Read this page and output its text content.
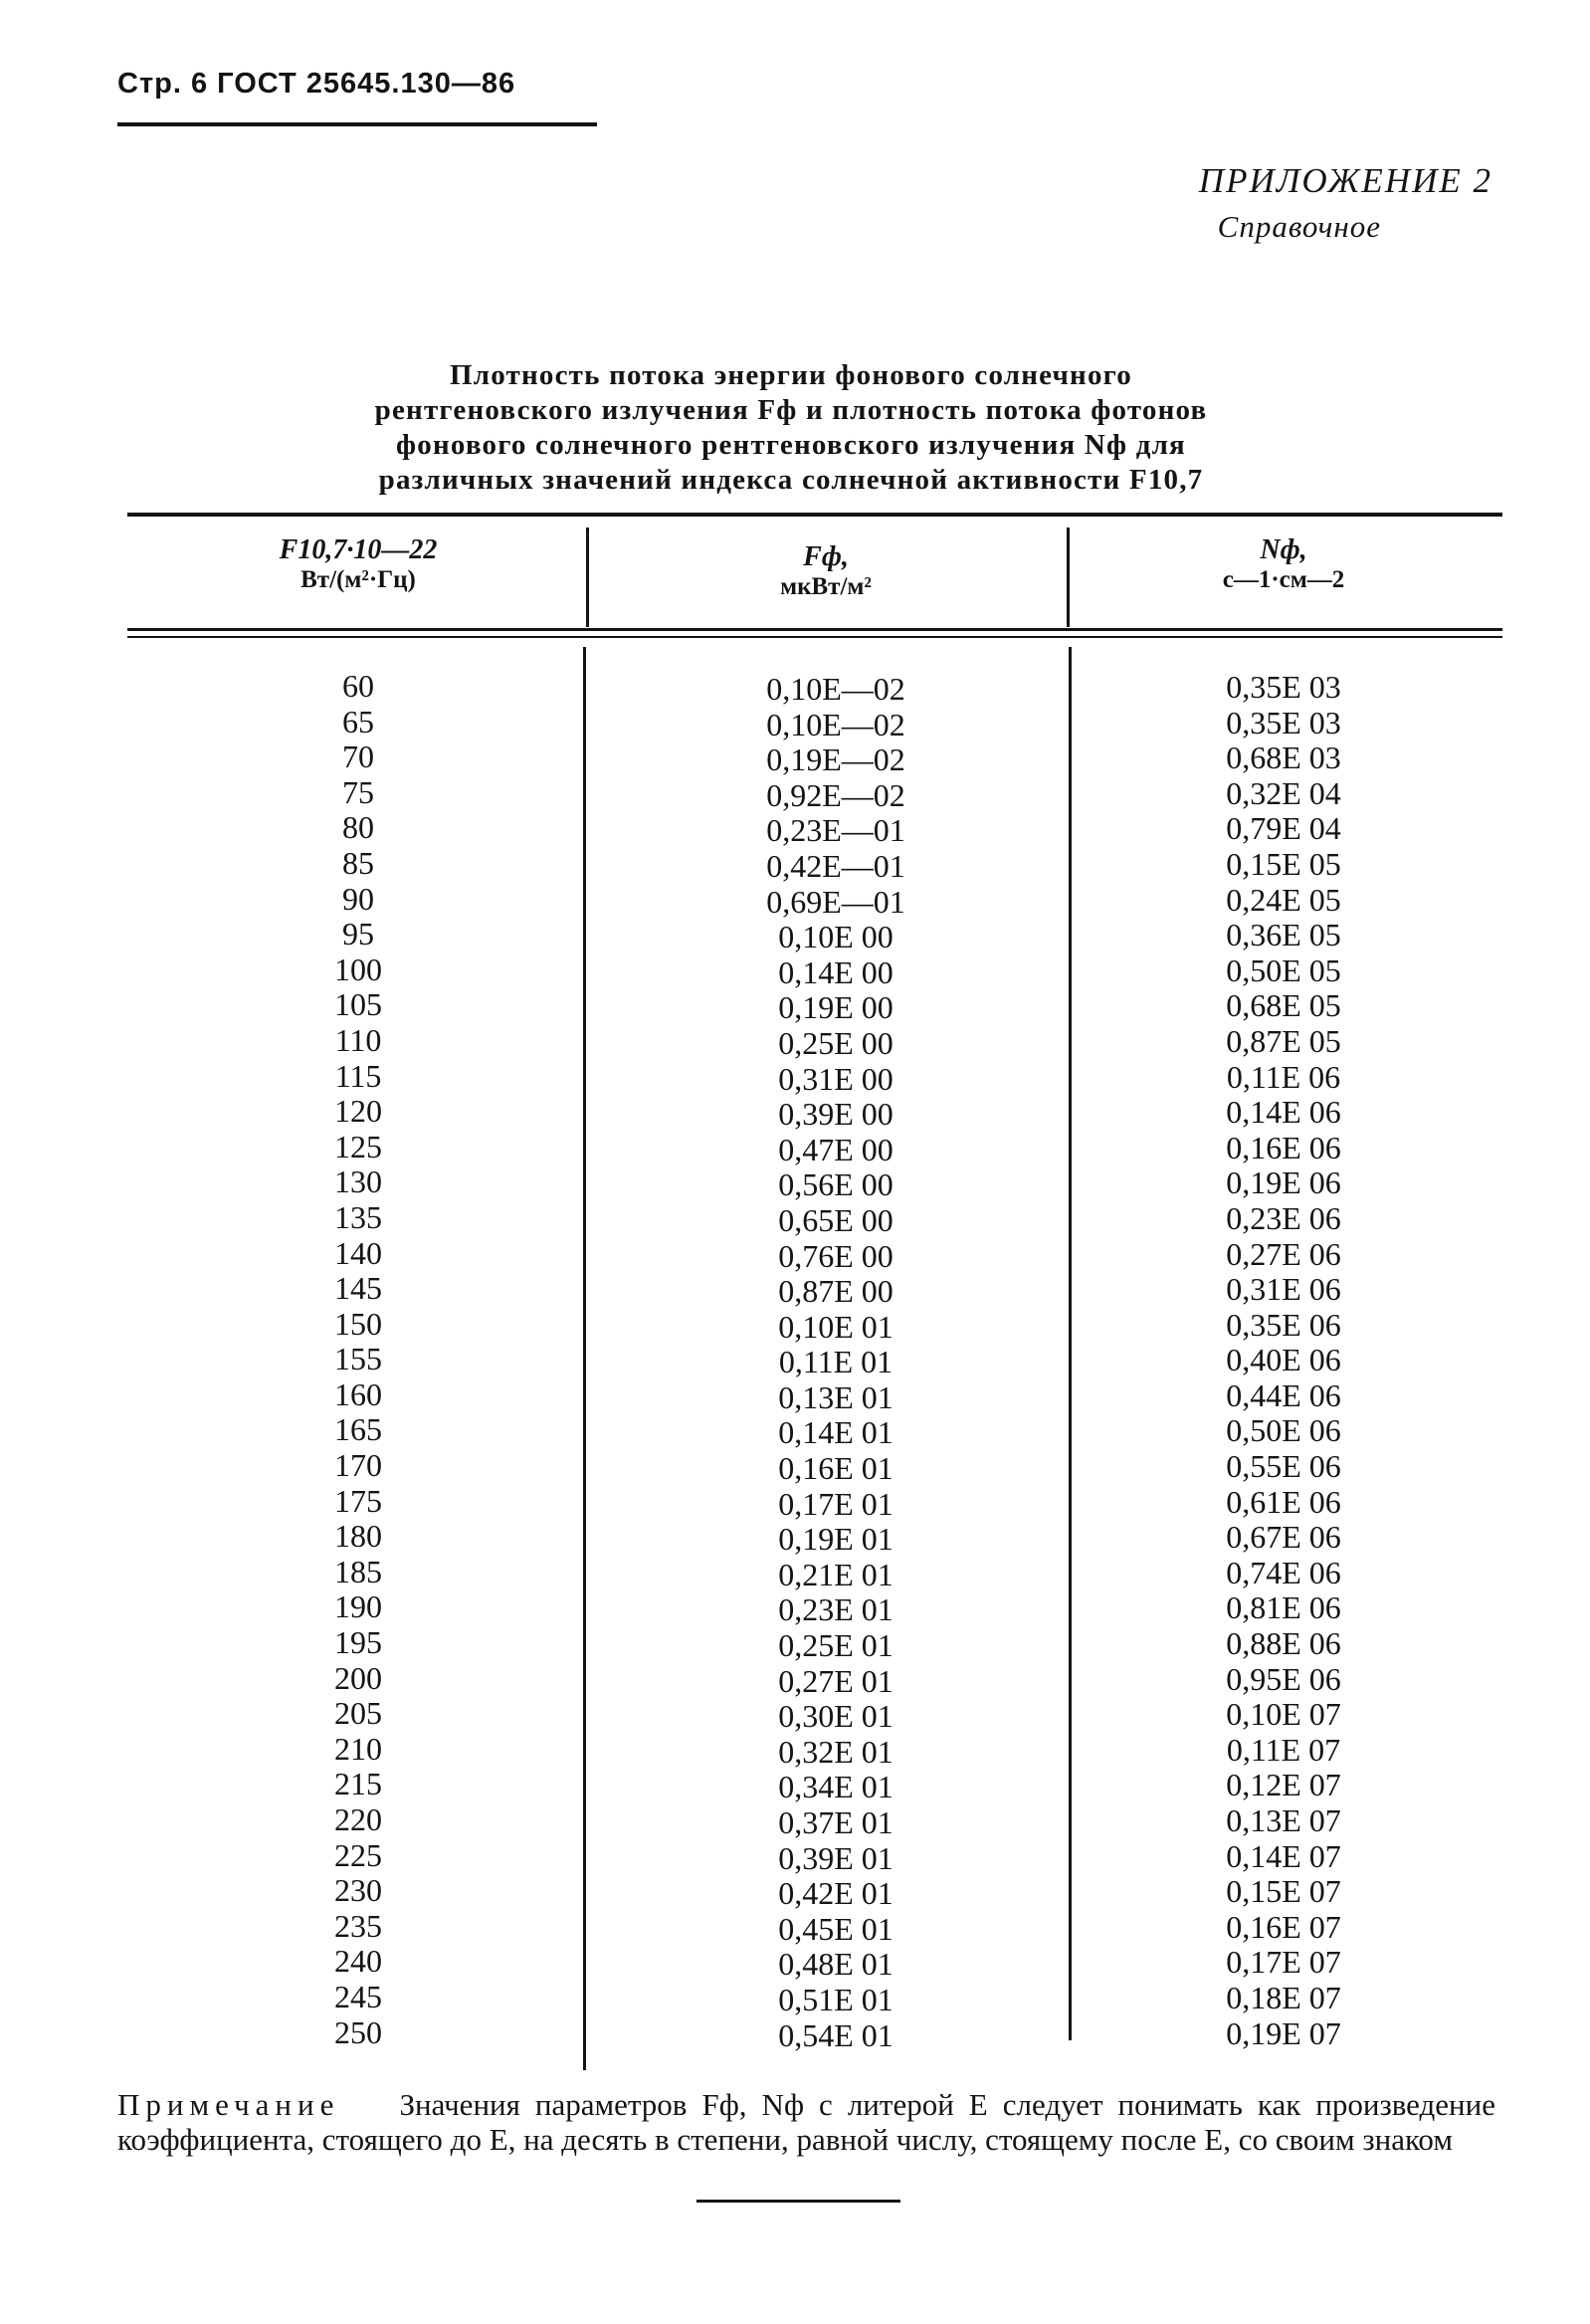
Стр. 6 ГОСТ 25645.130—86
ПРИЛОЖЕНИЕ 2
Справочное
Плотность потока энергии фонового солнечного
рентгеновского излучения Fф и плотность потока фотонов
фонового солнечного рентгеновского излучения Nф для
различных значений индекса солнечной активности F10,7
F10,7·10—22
Вт/(м²·Гц)
Fф,
мкВт/м²
Nф,
с—1·см—2
60
65
70
75
80
85
90
95
100
105
110
115
120
125
130
135
140
145
150
155
160
165
170
175
180
185
190
195
200
205
210
215
220
225
230
235
240
245
250
0,10E—02
0,10E—02
0,19E—02
0,92E—02
0,23E—01
0,42E—01
0,69E—01
0,10E 00
0,14E 00
0,19E 00
0,25E 00
0,31E 00
0,39E 00
0,47E 00
0,56E 00
0,65E 00
0,76E 00
0,87E 00
0,10E 01
0,11E 01
0,13E 01
0,14E 01
0,16E 01
0,17E 01
0,19E 01
0,21E 01
0,23E 01
0,25E 01
0,27E 01
0,30E 01
0,32E 01
0,34E 01
0,37E 01
0,39E 01
0,42E 01
0,45E 01
0,48E 01
0,51E 01
0,54E 01
0,35E 03
0,35E 03
0,68E 03
0,32E 04
0,79E 04
0,15E 05
0,24E 05
0,36E 05
0,50E 05
0,68E 05
0,87E 05
0,11E 06
0,14E 06
0,16E 06
0,19E 06
0,23E 06
0,27E 06
0,31E 06
0,35E 06
0,40E 06
0,44E 06
0,50E 06
0,55E 06
0,61E 06
0,67E 06
0,74E 06
0,81E 06
0,88E 06
0,95E 06
0,10E 07
0,11E 07
0,12E 07
0,13E 07
0,14E 07
0,15E 07
0,16E 07
0,17E 07
0,18E 07
0,19E 07
Примечание Значения параметров Fф, Nф с литерой E следует понимать как произведение коэффициента, стоящего до E, на десять в степени, равной числу, стоящему после E, со своим знаком
